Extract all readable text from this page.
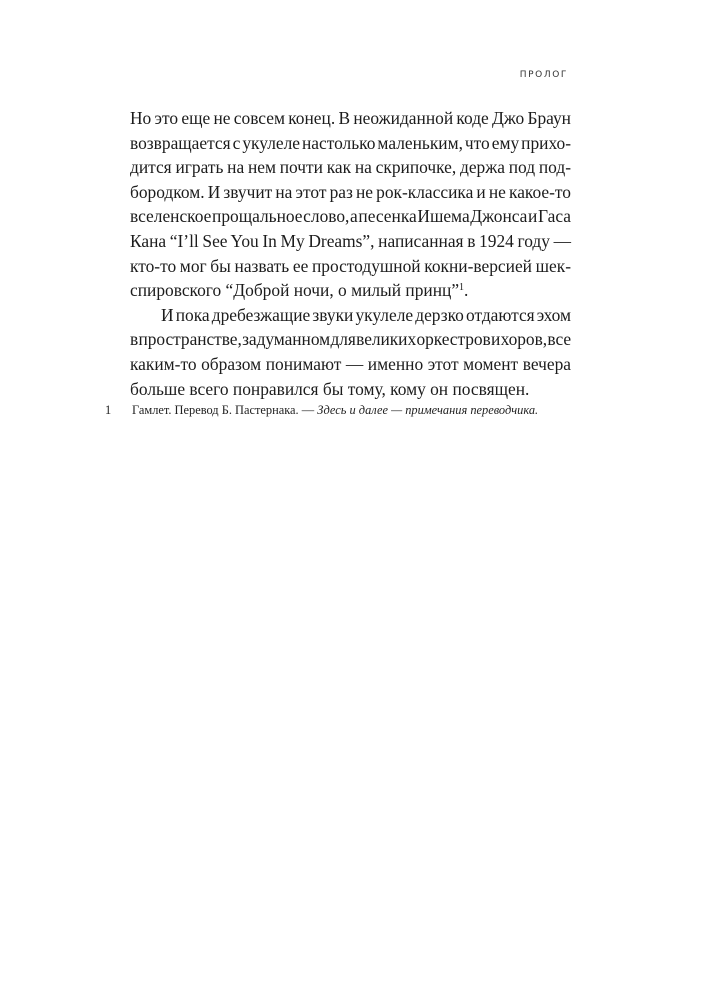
ПРОЛОГ
Но это еще не совсем конец. В неожиданной коде Джо Браун
возвращается с укулеле настолько маленьким, что ему прихо-
дится играть на нем почти как на скрипочке, держа под под-
бородком. И звучит на этот раз не рок-классика и не какое-то
вселенское прощальное слово, а песенка Ишема Джонса и Гаса
Кана “I’ll See You In My Dreams”, написанная в 1924 году —
кто-то мог бы назвать ее простодушной кокни-версией шек-
спировского “Доброй ночи, о милый принц”$^1$.
И пока дребезжащие звуки укулеле дерзко отдаются эхом
в пространстве, задуманном для великих оркестров и хоров, все
каким-то образом понимают — именно этот момент вечера
больше всего понравился бы тому, кому он посвящен.
1 Гамлет. Перевод Б. Пастернака. — Здесь и далее — примечания переводчика.
